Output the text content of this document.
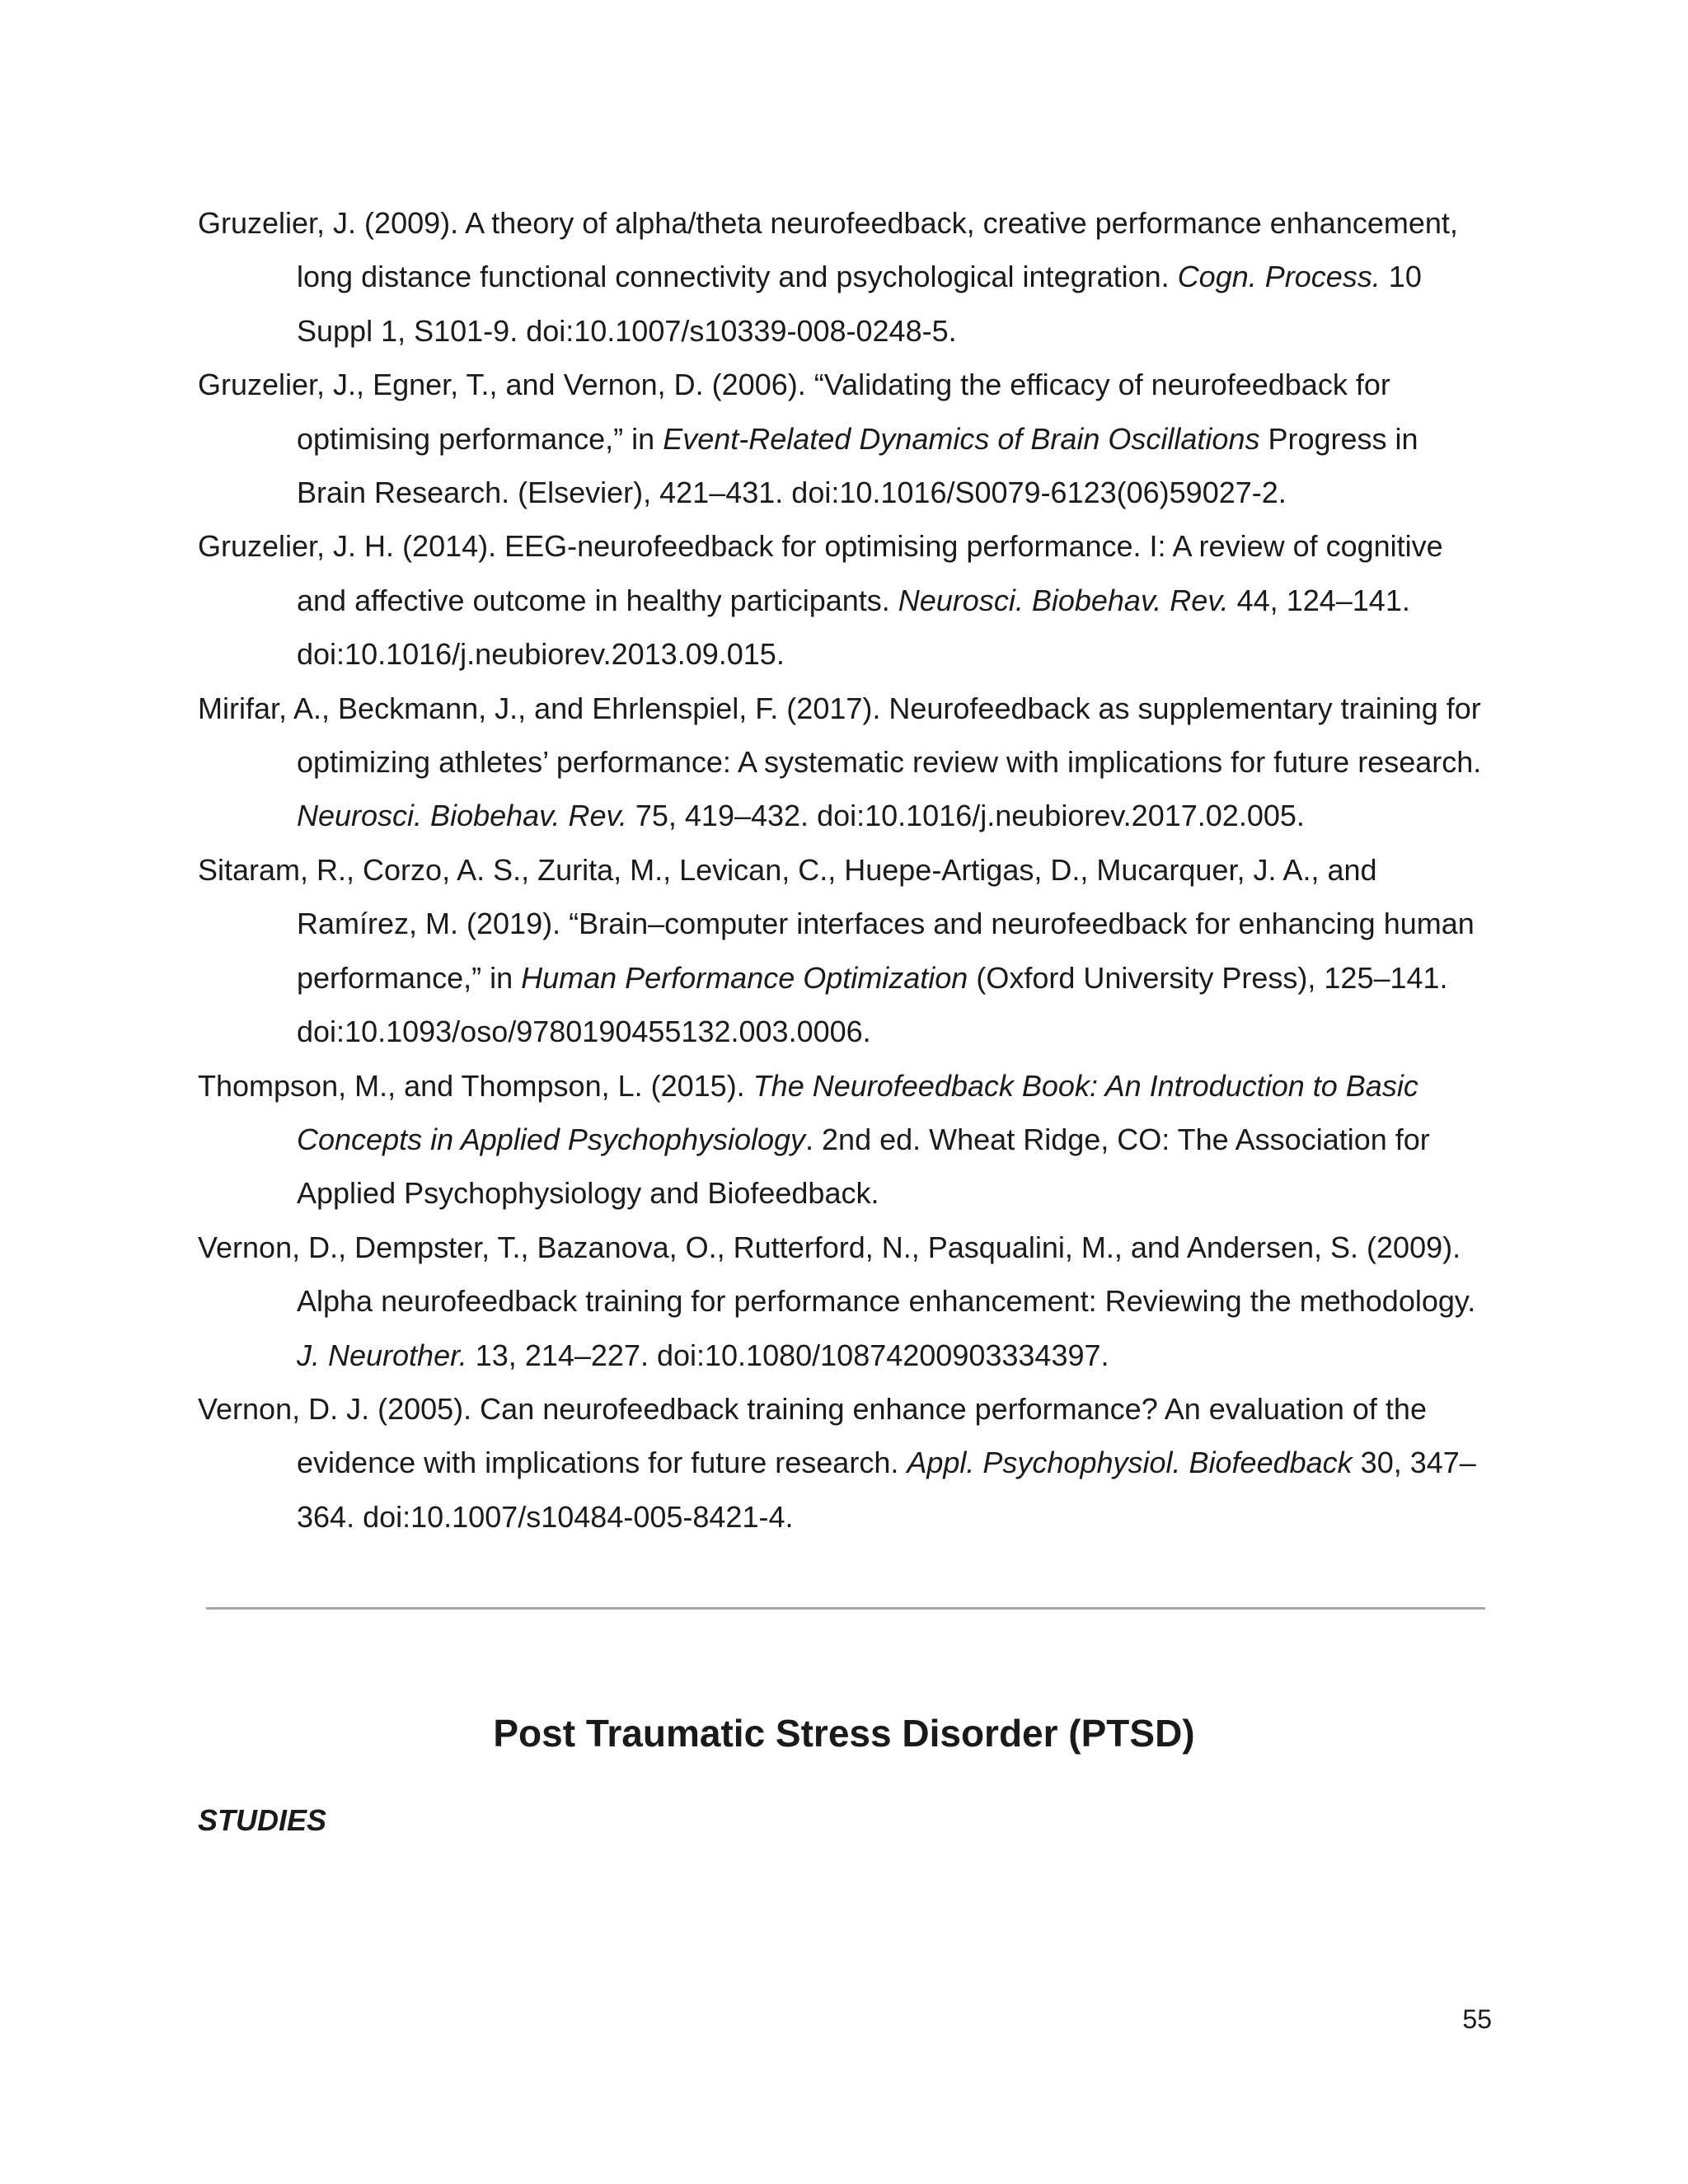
Gruzelier, J. (2009). A theory of alpha/theta neurofeedback, creative performance enhancement, long distance functional connectivity and psychological integration. Cogn. Process. 10 Suppl 1, S101-9. doi:10.1007/s10339-008-0248-5.

Gruzelier, J., Egner, T., and Vernon, D. (2006). “Validating the efficacy of neurofeedback for optimising performance,” in Event-Related Dynamics of Brain Oscillations Progress in Brain Research. (Elsevier), 421–431. doi:10.1016/S0079-6123(06)59027-2.

Gruzelier, J. H. (2014). EEG-neurofeedback for optimising performance. I: A review of cognitive and affective outcome in healthy participants. Neurosci. Biobehav. Rev. 44, 124–141. doi:10.1016/j.neubiorev.2013.09.015.

Mirifar, A., Beckmann, J., and Ehrlenspiel, F. (2017). Neurofeedback as supplementary training for optimizing athletes’ performance: A systematic review with implications for future research. Neurosci. Biobehav. Rev. 75, 419–432. doi:10.1016/j.neubiorev.2017.02.005.

Sitaram, R., Corzo, A. S., Zurita, M., Levican, C., Huepe-Artigas, D., Mucarquer, J. A., and Ramírez, M. (2019). “Brain–computer interfaces and neurofeedback for enhancing human performance,” in Human Performance Optimization (Oxford University Press), 125–141. doi:10.1093/oso/9780190455132.003.0006.

Thompson, M., and Thompson, L. (2015). The Neurofeedback Book: An Introduction to Basic Concepts in Applied Psychophysiology. 2nd ed. Wheat Ridge, CO: The Association for Applied Psychophysiology and Biofeedback.

Vernon, D., Dempster, T., Bazanova, O., Rutterford, N., Pasqualini, M., and Andersen, S. (2009). Alpha neurofeedback training for performance enhancement: Reviewing the methodology. J. Neurother. 13, 214–227. doi:10.1080/10874200903334397.

Vernon, D. J. (2005). Can neurofeedback training enhance performance? An evaluation of the evidence with implications for future research. Appl. Psychophysiol. Biofeedback 30, 347–364. doi:10.1007/s10484-005-8421-4.

Post Traumatic Stress Disorder (PTSD)
STUDIES
55
